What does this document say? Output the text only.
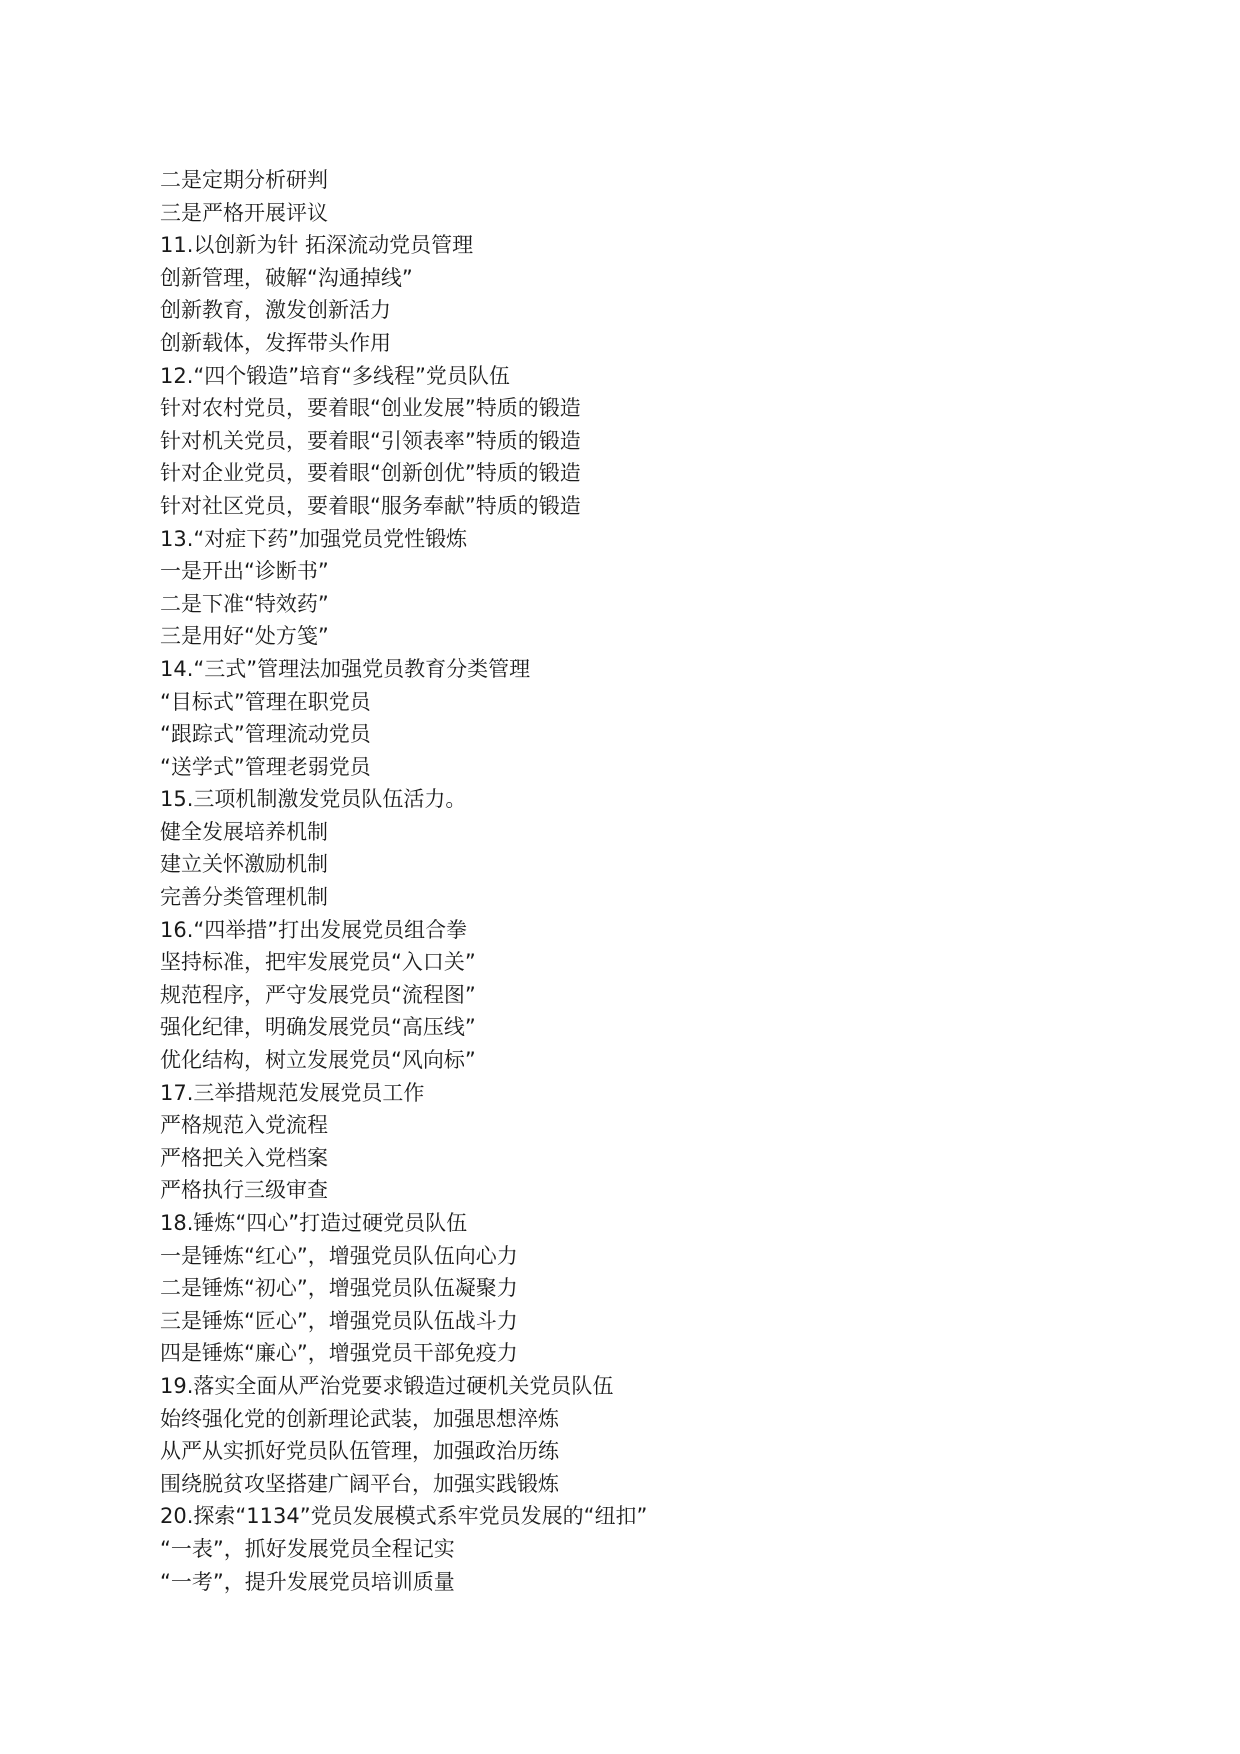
二是定期分析研判
三是严格开展评议
11.以创新为针 拓深流动党员管理
创新管理，破解“沟通掉线”
创新教育，激发创新活力
创新载体，发挥带头作用
12.“四个锻造”培育“多线程”党员队伍
针对农村党员，要着眼“创业发展”特质的锻造
针对机关党员，要着眼“引领表率”特质的锻造
针对企业党员，要着眼“创新创优”特质的锻造
针对社区党员，要着眼“服务奉献”特质的锻造
13.“对症下药”加强党员党性锻炼
一是开出“诊断书”
二是下准“特效药”
三是用好“处方笺”
14.“三式”管理法加强党员教育分类管理
“目标式”管理在职党员
“跟踪式”管理流动党员
“送学式”管理老弱党员
15.三项机制激发党员队伍活力。
健全发展培养机制
建立关怀激励机制
完善分类管理机制
16.“四举措”打出发展党员组合拳
坚持标准，把牢发展党员“入口关”
规范程序，严守发展党员“流程图”
强化纪律，明确发展党员“高压线”
优化结构，树立发展党员“风向标”
17.三举措规范发展党员工作
严格规范入党流程
严格把关入党档案
严格执行三级审查
18.锤炼“四心”打造过硬党员队伍
一是锤炼“红心”，增强党员队伍向心力
二是锤炼“初心”，增强党员队伍凝聚力
三是锤炼“匠心”，增强党员队伍战斗力
四是锤炼“廉心”，增强党员干部免疫力
19.落实全面从严治党要求锻造过硬机关党员队伍
始终强化党的创新理论武装，加强思想淬炼
从严从实抓好党员队伍管理，加强政治历练
围绕脱贫攻坚搭建广阔平台，加强实践锻炼
20.探索“1134”党员发展模式系牢党员发展的“纽扣”
“一表”，抓好发展党员全程记实
“一考”，提升发展党员培训质量
